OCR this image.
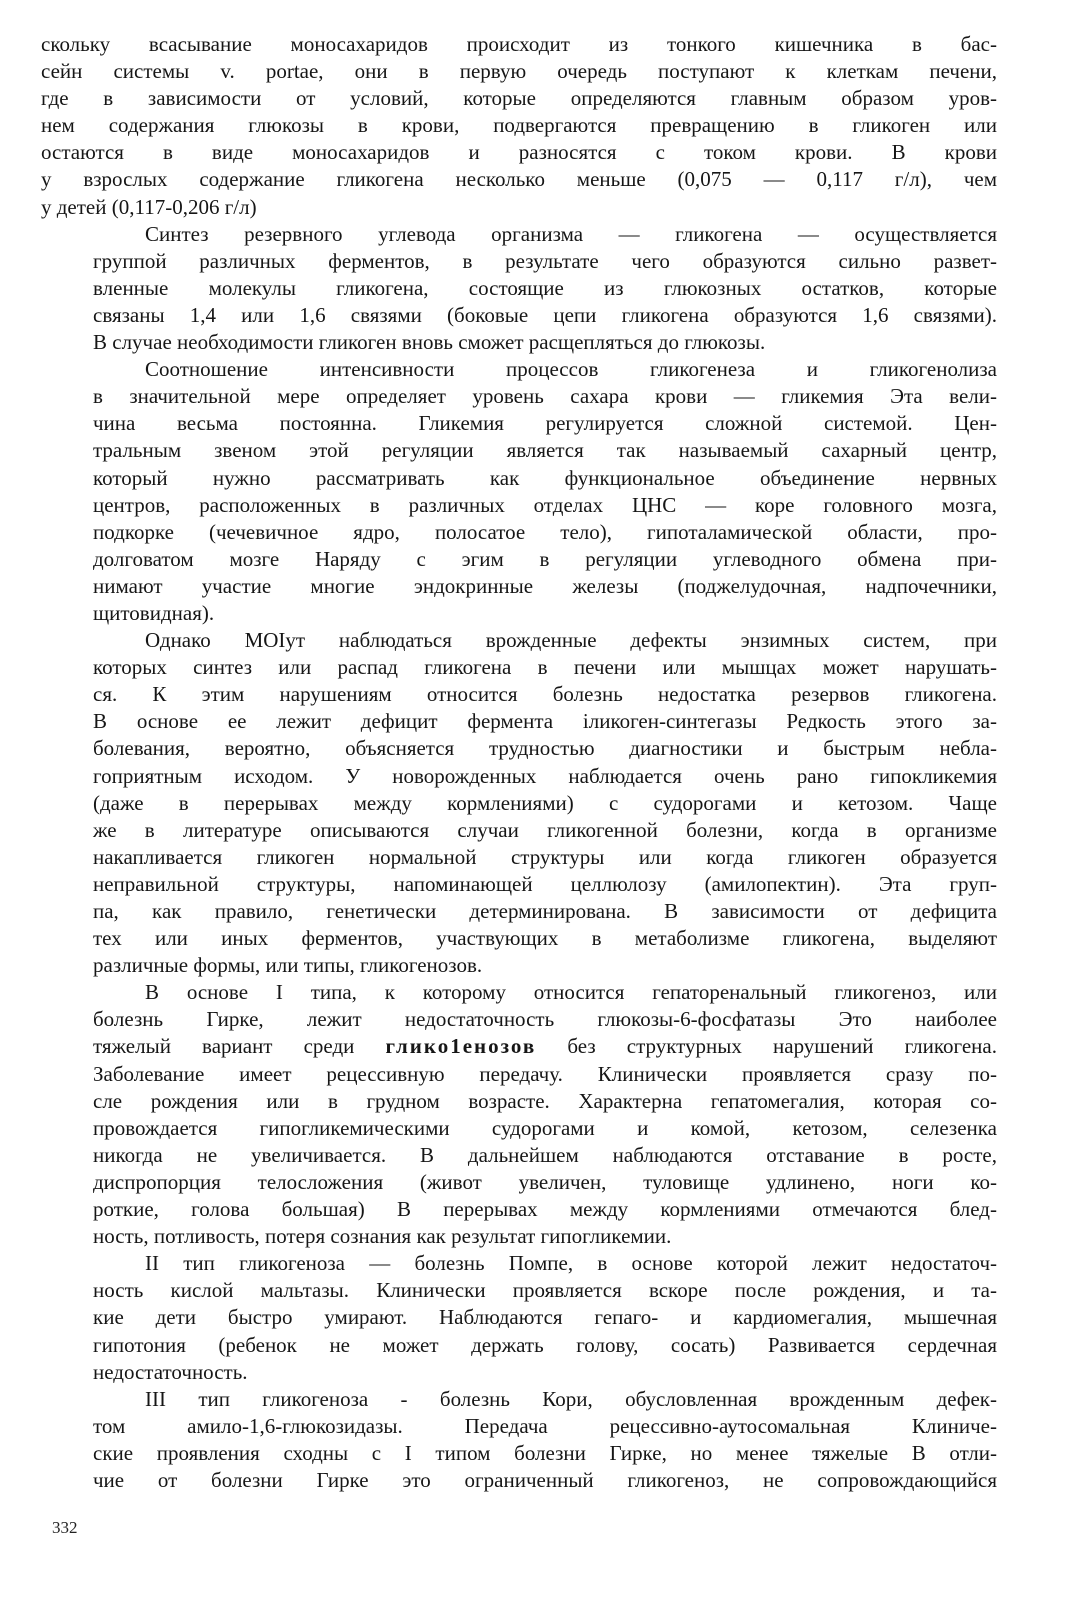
скольку всасывание моносахаридов происходит из тонкого кишечника в бас-
сейн системы v. portae, они в первую очередь поступают к клеткам печени,
где в зависимости от условий, которые определяются главным образом уров-
нем содержания глюкозы в крови, подвергаются превращению в гликоген или
остаются в виде моносахаридов и разносятся с током крови. В крови
у взрослых содержание гликогена несколько меньше (0,075 — 0,117 г/л), чем
у детей (0,117-0,206 г/л)
Синтез резервного углевода организма — гликогена — осуществляется
группой различных ферментов, в результате чего образуются сильно развет-
вленные молекулы гликогена, состоящие из глюкозных остатков, которые
связаны 1,4 или 1,6 связями (боковые цепи гликогена образуются 1,6 связями).
В случае необходимости гликоген вновь сможет расщепляться до глюкозы.
Соотношение интенсивности процессов гликогенеза и гликогенолиза
в значительной мере определяет уровень сахара крови — гликемия Эта вели-
чина весьма постоянна. Гликемия регулируется сложной системой. Цен-
тральным звеном этой регуляции является так называемый сахарный центр,
который нужно рассматривать как функциональное объединение нервных
центров, расположенных в различных отделах ЦНС — коре головного мозга,
подкорке (чечевичное ядро, полосатое тело), гипоталамической области, про-
долговатом мозге Наряду с эгим в регуляции углеводного обмена при-
нимают участие многие эндокринные железы (поджелудочная, надпочечники,
щитовидная).
Однако MOIут наблюдаться врожденные дефекты энзимных систем, при
которых синтез или распад гликогена в печени или мышцах может нарушать-
ся. К этим нарушениям относится болезнь недостатка резервов гликогена.
В основе ее лежит дефицит фермента iликоген-синтегазы Редкость этого за-
болевания, вероятно, объясняется трудностью диагностики и быстрым небла-
гоприятным исходом. У новорожденных наблюдается очень рано гипокликемия
(даже в перерывах между кормлениями) с судорогами и кетозом. Чаще
же в литературе описываются случаи гликогенной болезни, когда в организме
накапливается гликоген нормальной структуры или когда гликоген образуется
неправильной структуры, напоминающей целлюлозу (амилопектин). Эта груп-
па, как правило, генетически детерминирована. В зависимости от дефицита
тех или иных ферментов, участвующих в метаболизме гликогена, выделяют
различные формы, или типы, гликогенозов.
В основе I типа, к которому относится гепаторенальный гликогеноз, или
болезнь Гирке, лежит недостаточность глюкозы-6-фосфатазы Это наиболее
тяжелый вариант среди глико1енозов без структурных нарушений гликогена.
Заболевание имеет рецессивную передачу. Клинически проявляется сразу по-
сле рождения или в грудном возрасте. Характерна гепатомегалия, которая со-
провождается гипогликемическими судорогами и комой, кетозом, селезенка
никогда не увеличивается. В дальнейшем наблюдаются отставание в росте,
диспропорция телосложения (живот увеличен, туловище удлинено, ноги ко-
роткие, голова большая) В перерывах между кормлениями отмечаются блед-
ность, потливость, потеря сознания как результат гипогликемии.
II тип гликогеноза — болезнь Помпе, в основе которой лежит недостаточ-
ность кислой мальтазы. Клинически проявляется вскоре после рождения, и та-
кие дети быстро умирают. Наблюдаются гепаго- и кардиомегалия, мышечная
гипотония (ребенок не может держать голову, сосать) Развивается сердечная
недостаточность.
III тип гликогеноза - болезнь Кори, обусловленная врожденным дефек-
том амило-1,6-глюкозидазы. Передача рецессивно-аутосомальная Клиниче-
ские проявления сходны с I типом болезни Гирке, но менее тяжелые В отли-
чие от болезни Гирке это ограниченный гликогеноз, не сопровождающийся
332
